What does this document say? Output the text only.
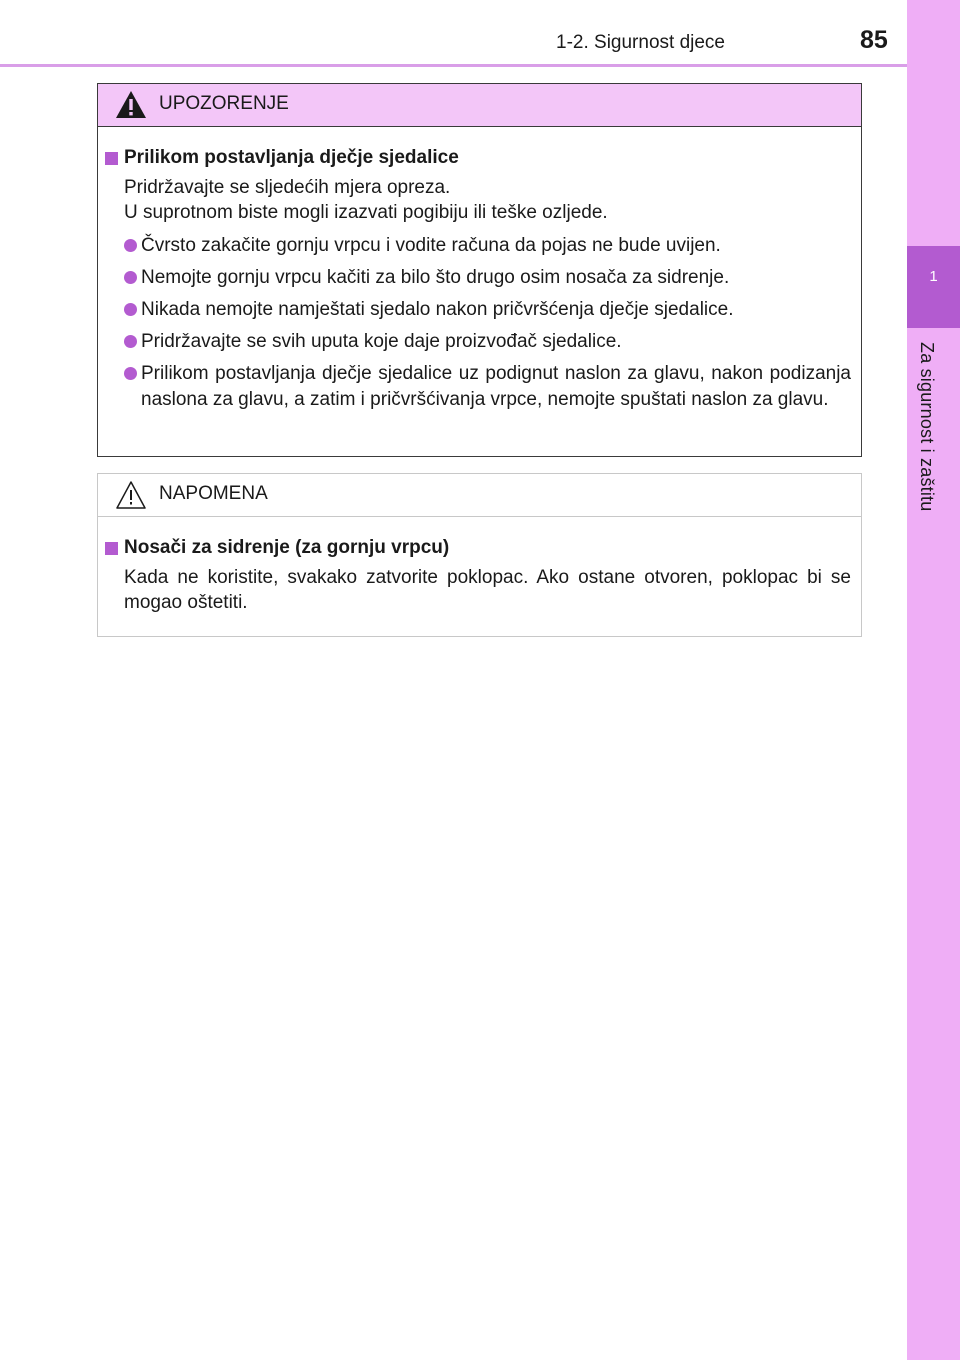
1
Za sigurnost i zaštitu
1-2. Sigurnost djece	85
UPOZORENJE
Prilikom postavljanja dječje sjedalice
Pridržavajte se sljedećih mjera opreza.
U suprotnom biste mogli izazvati pogibiju ili teške ozljede.
Čvrsto zakačite gornju vrpcu i vodite računa da pojas ne bude uvijen.
Nemojte gornju vrpcu kačiti za bilo što drugo osim nosača za sidrenje.
Nikada nemojte namještati sjedalo nakon pričvršćenja dječje sjedalice.
Pridržavajte se svih uputa koje daje proizvođač sjedalice.
Prilikom postavljanja dječje sjedalice uz podignut naslon za glavu, nakon podizanja naslona za glavu, a zatim i pričvršćivanja vrpce, nemojte spuštati naslon za glavu.
NAPOMENA
Nosači za sidrenje (za gornju vrpcu)
Kada ne koristite, svakako zatvorite poklopac. Ako ostane otvoren, poklopac bi se mogao oštetiti.
